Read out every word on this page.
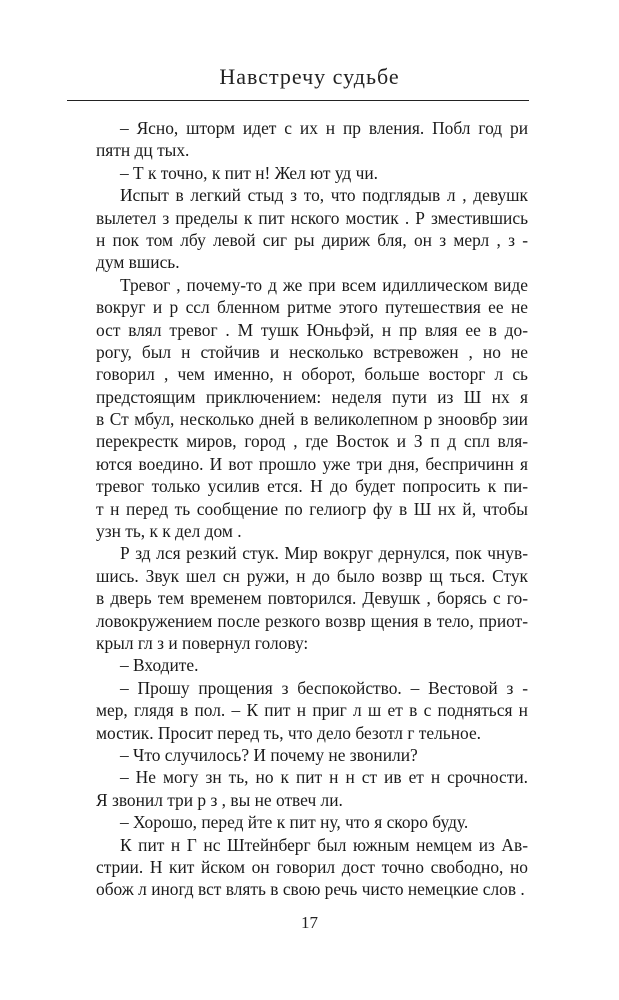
Навстречу судьбе
– Ясно, шторм идет с их н пр вления. Побл год ри
пятн дц тых.
– Т к точно, к пит н! Жел ют уд чи.
Испыт в легкий стыд з то, что подглядыв л , девушк
вылетел з пределы к пит нского мостик . Р зместившись
н пок том лбу левой сиг ры дириж бля, он з мерл , з -
дум вшись.
Тревог , почему-то д же при всем идиллическом виде
вокруг и р ссл бленном ритме этого путешествия ее не
ост влял тревог . М тушк Юньфэй, н пр вляя ее в до-
рогу, был н стойчив и несколько встревожен , но не
говорил , чем именно, н оборот, больше восторг л сь
предстоящим приключением: неделя пути из Ш нх я
в Ст мбул, несколько дней в великолепном р зноовбр зии
перекрестк миров, город , где Восток и З п д спл вля-
ются воедино. И вот прошло уже три дня, беспричинн я
тревог только усилив ется. Н до будет попросить к пи-
т н перед ть сообщение по гелиогр фу в Ш нх й, чтобы
узн ть, к к дел дом .
Р зд лся резкий стук. Мир вокруг дернулся, пок чнув-
шись. Звук шел сн ружи, н до было возвр щ ться. Стук
в дверь тем временем повторился. Девушк , борясь с го-
ловокружением после резкого возвр щения в тело, приот-
крыл гл з и повернул голову:
– Входите.
– Прошу прощения з беспокойство. – Вестовой з -
мер, глядя в пол. – К пит н приг л ш ет в с подняться н
мостик. Просит перед ть, что дело безотл г тельное.
– Что случилось? И почему не звонили?
– Не могу зн ть, но к пит н н ст ив ет н срочности.
Я звонил три р з , вы не отвеч ли.
– Хорошо, перед йте к пит ну, что я скоро буду.
К пит н Г нс Штейнберг был южным немцем из Ав-
стрии. Н кит йском он говорил дост точно свободно, но
обож л иногд вст влять в свою речь чисто немецкие слов .
17
